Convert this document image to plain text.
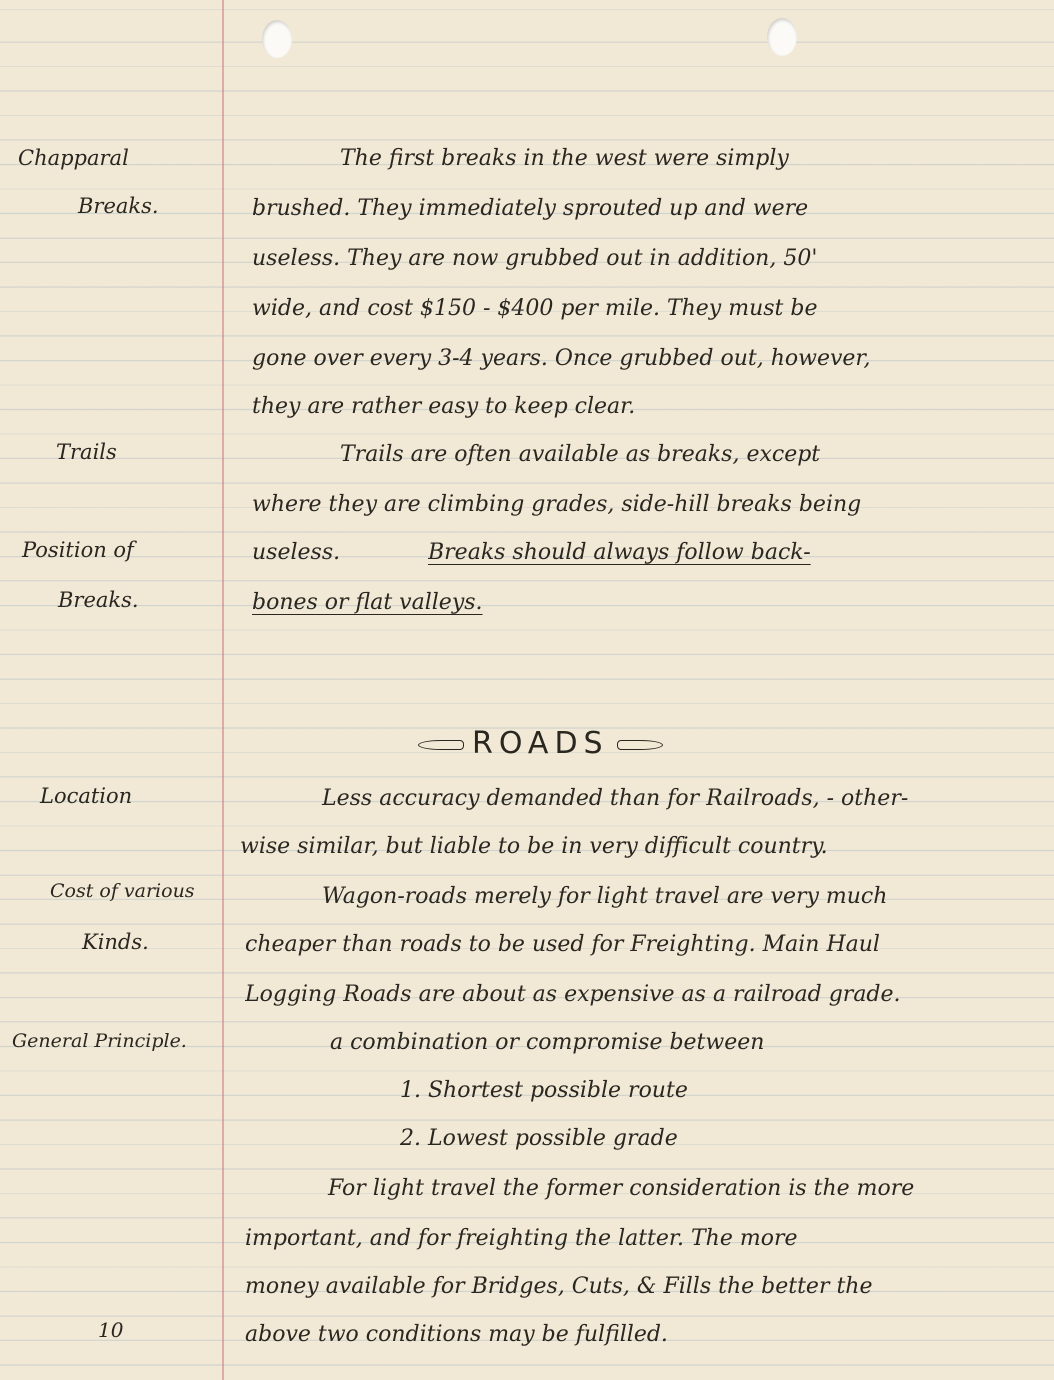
Chapparal
Breaks.
Trails
Position of
Breaks.
Location
Cost of various
Kinds.
General Principle.
The first breaks in the west were simply
brushed. They immediately sprouted up and were
useless. They are now grubbed out in addition, 50'
wide, and cost $150 - $400 per mile. They must be
gone over every 3-4 years. Once grubbed out, however,
they are rather easy to keep clear.
Trails are often available as breaks, except
where they are climbing grades, side-hill breaks being
useless.	Breaks should always follow back-
bones or flat valleys.
ROADS
Less accuracy demanded than for Railroads, - other-
wise similar, but liable to be in very difficult country.
Wagon-roads merely for light travel are very much
cheaper than roads to be used for Freighting. Main Haul
Logging Roads are about as expensive as a railroad grade.
a combination or compromise between
1. Shortest possible route
2. Lowest possible grade
For light travel the former consideration is the more
important, and for freighting the latter. The more
money available for Bridges, Cuts, & Fills the better the
above two conditions may be fulfilled.
10
